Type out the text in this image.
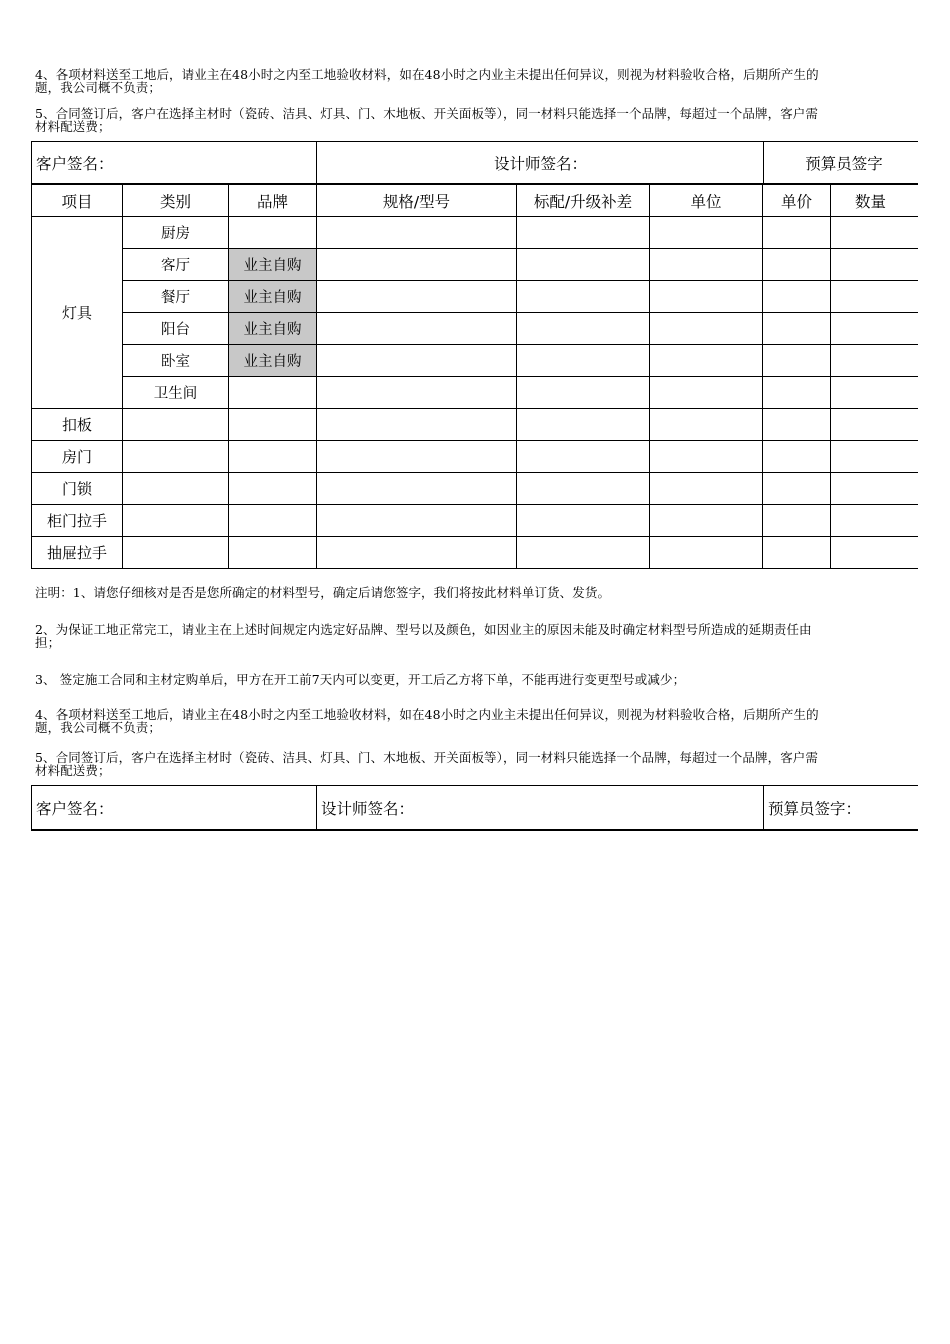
4、各项材料送至工地后，请业主在48小时之内至工地验收材料，如在48小时之内业主未提出任何异议，则视为材料验收合格，后期所产生的
题，我公司概不负责；
5、合同签订后，客户在选择主材时（瓷砖、洁具、灯具、门、木地板、开关面板等），同一材料只能选择一个品牌，每超过一个品牌，客户需
材料配送费；
客户签名：	设计师签名：	预算员签字
项目	类别	品牌	规格/型号	标配/升级补差	单位	单价	数量
灯具	厨房						
	客厅	业主自购					
	餐厅	业主自购					
	阳台	业主自购					
	卧室	业主自购					
	卫生间						
扣板							
房门							
门锁							
柜门拉手							
抽屉拉手							
注明：1、请您仔细核对是否是您所确定的材料型号，确定后请您签字，我们将按此材料单订货、发货。
2、为保证工地正常完工，请业主在上述时间规定内选定好品牌、型号以及颜色，如因业主的原因未能及时确定材料型号所造成的延期责任由
担；
3、 签定施工合同和主材定购单后，甲方在开工前7天内可以变更，开工后乙方将下单，不能再进行变更型号或减少；
4、各项材料送至工地后，请业主在48小时之内至工地验收材料，如在48小时之内业主未提出任何异议，则视为材料验收合格，后期所产生的
题，我公司概不负责；
5、合同签订后，客户在选择主材时（瓷砖、洁具、灯具、门、木地板、开关面板等），同一材料只能选择一个品牌，每超过一个品牌，客户需
材料配送费；
客户签名：	设计师签名：	预算员签字：
